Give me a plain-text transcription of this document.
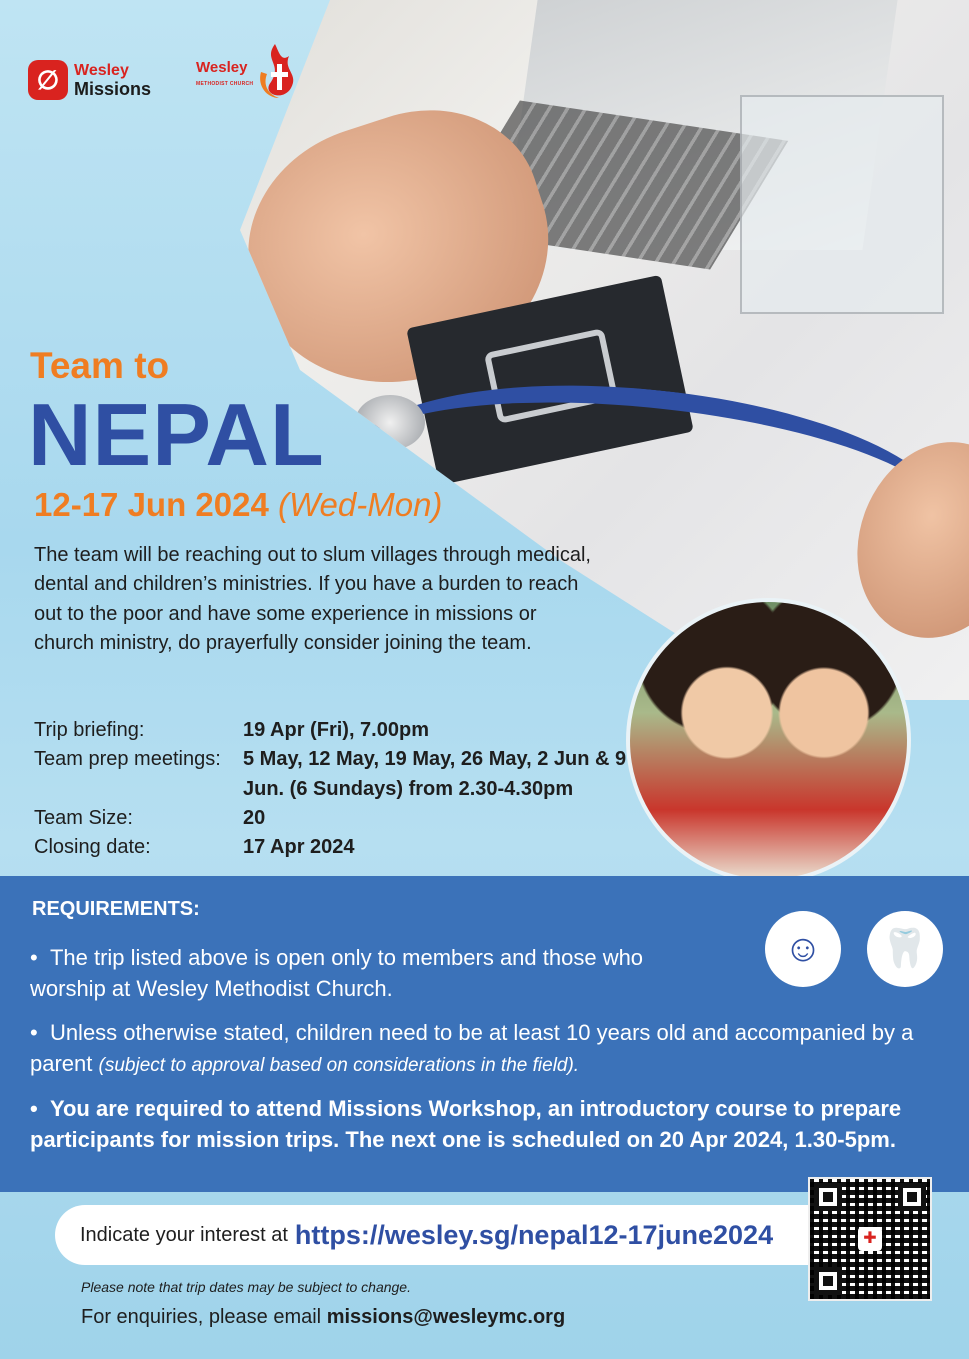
∅ Wesley
Missions
Wesley
METHODIST CHURCH
Team to
NEPAL
12-17 Jun 2024 (Wed-Mon)
The team will be reaching out to slum villages through medical, dental and children’s ministries. If you have a burden to reach out to the poor and have some experience in missions or church ministry, do prayerfully consider joining the team.
Trip briefing:	19 Apr (Fri), 7.00pm
Team prep meetings:	5 May, 12 May, 19 May, 26 May, 2 Jun & 9 Jun. (6 Sundays) from 2.30-4.30pm
Team Size:	20
Closing date:	17 Apr 2024
REQUIREMENTS:
☺	🦷
•  The trip listed above is open only to members and those who worship at Wesley Methodist Church.
•  Unless otherwise stated, children need to be at least 10 years old and accompanied by a parent (subject to approval based on considerations in the field).
•  You are required to attend Missions Workshop, an introductory course to prepare participants for mission trips. The next one is scheduled on 20 Apr 2024, 1.30-5pm.
Indicate your interest at https://wesley.sg/nepal12-17june2024	✚
Please note that trip dates may be subject to change.
For enquiries, please email missions@wesleymc.org
